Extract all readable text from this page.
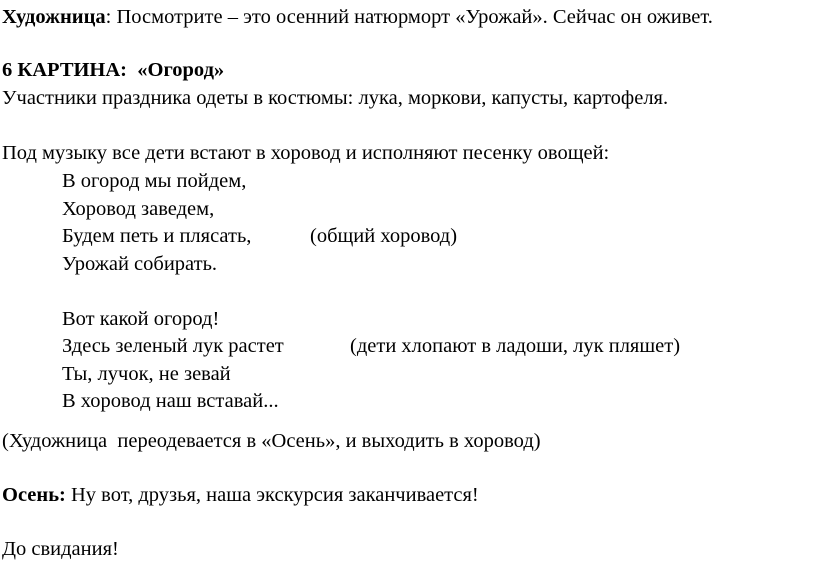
Художница: Посмотрите – это осенний натюрморт «Урожай». Сейчас он оживет.
6 КАРТИНА:  «Огород»
Участники праздника одеты в костюмы: лука, моркови, капусты, картофеля.
Под музыку все дети встают в хоровод и исполняют песенку овощей:
В огород мы пойдем,
Хоровод заведем,
Будем петь и плясать,	(общий хоровод)
Урожай собирать.
Вот какой огород!
Здесь зеленый лук растет	(дети хлопают в ладоши, лук пляшет)
Ты, лучок, не зевай
В хоровод наш вставай...
(Художница  переодевается в «Осень», и выходить в хоровод)
Осень: Ну вот, друзья, наша экскурсия заканчивается!
До свидания!
